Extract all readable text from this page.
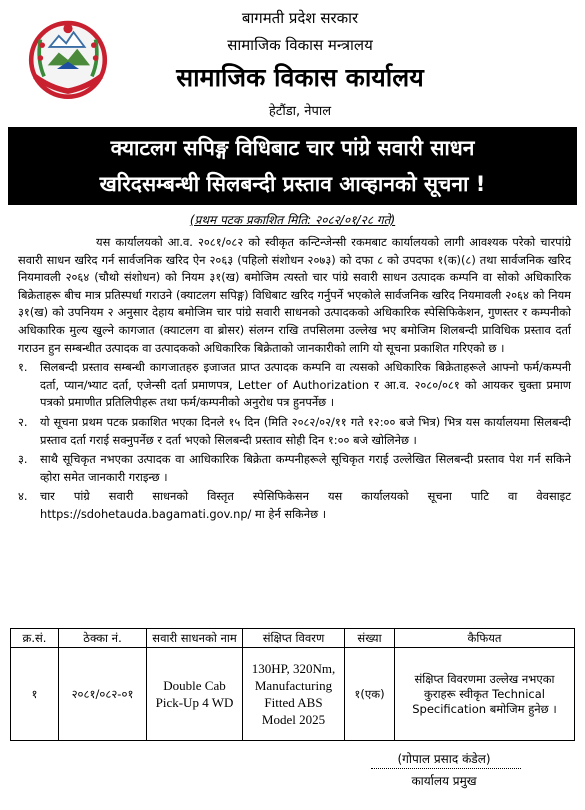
बागमती प्रदेश सरकार
सामाजिक विकास मन्त्रालय
सामाजिक विकास कार्यालय
हेटौंडा, नेपाल
क्याटलग सपिङ्ग विधिबाट चार पांग्रे सवारी साधन
खरिदसम्बन्धी सिलबन्दी प्रस्ताव आव्हानको सूचना !
(प्रथम पटक प्रकाशित मिति: २०८२/०१/२८ गते)

यस कार्यालयको आ.व. २०८१/०८२ को स्वीकृत कन्टिन्जेन्सी रकमबाट कार्यालयको लागी आवश्यक परेको चारपांग्रे सवारी साधन खरिद गर्न सार्वजनिक खरिद ऐन २०६३ (पहिलो संशोधन २०७३) को दफा ८ को उपदफा १(क)(८) तथा सार्वजनिक खरिद नियमावली २०६४ (चौथो संशोधन) को नियम ३१(ख) बमोजिम त्यस्तो चार पांग्रे सवारी साधन उत्पादक कम्पनि वा सोको अधिकारिक बिक्रेताहरू बीच मात्र प्रतिस्पर्धा गराउने (क्याटलग सपिङ्ग) विधिबाट खरिद गर्नुपर्ने भएकोले सार्वजनिक खरिद नियमावली २०६४ को नियम ३१(ख) को उपनियम २ अनुसार देहाय बमोजिम चार पांग्रे सवारी साधनको उत्पादकको अधिकारिक स्पेसिफिकेशन, गुणस्तर र कम्पनीको अधिकारिक मुल्य खुल्ने कागजात (क्याटलग वा ब्रोसर) संलग्न राखि तपसिलमा उल्लेख भए बमोजिम शिलबन्दी प्राविधिक प्रस्ताव दर्ता गराउन हुन सम्बन्धीत उत्पादक वा उत्पादकको अधिकारिक बिक्रेताको जानकारीको लागि यो सूचना प्रकाशित गरिएको छ ।

१. सिलबन्दी प्रस्ताव सम्बन्धी कागजातहरु इजाजत प्राप्त उत्पादक कम्पनि वा त्यसको अधिकारिक बिक्रेताहरूले आफ्नो फर्म/कम्पनी दर्ता, प्यान/भ्याट दर्ता, एजेन्सी दर्ता प्रमाणपत्र, Letter of Authorization र आ.व. २०८०/०८१ को आयकर चुक्ता प्रमाण पत्रको प्रमाणीत प्रतिलिपीहरू तथा फर्म/कम्पनीको अनुरोध पत्र हुनपर्नेछ ।
२. यो सूचना प्रथम पटक प्रकाशित भएका दिनले १५ दिन (मिति २०८२/०२/११ गते १२:०० बजे भित्र) भित्र यस कार्यालयमा सिलबन्दी प्रस्ताव दर्ता गराई सक्नुपर्नेछ र दर्ता भएको सिलबन्दी प्रस्ताव सोही दिन १:०० बजे खोलिनेछ ।
३. साथै सूचिकृत नभएका उत्पादक वा आधिकारिक बिक्रेता कम्पनीहरूले सूचिकृत गराई उल्लेखित सिलबन्दी प्रस्ताव पेश गर्न सकिने व्होरा समेत जानकारी गराइन्छ ।
४. चार पांग्रे सवारी साधनको विस्तृत स्पेसिफिकेसन यस कार्यालयको सूचना पाटि वा वेवसाइट https://sdohetauda.bagamati.gov.np/ मा हेर्न सकिनेछ ।
क्र.सं.	ठेक्का नं.	सवारी साधनको नाम	संक्षिप्त विवरण	संख्या	कैफियत
१	२०८१/०८२-०१	Double Cab Pick-Up 4 WD	130HP, 320Nm, Manufacturing Fitted ABS Model 2025	१(एक)	संक्षिप्त विवरणमा उल्लेख नभएका कुराहरू स्वीकृत Technical Specification बमोजिम हुनेछ ।
(गोपाल प्रसाद कंडेल)
कार्यालय प्रमुख
